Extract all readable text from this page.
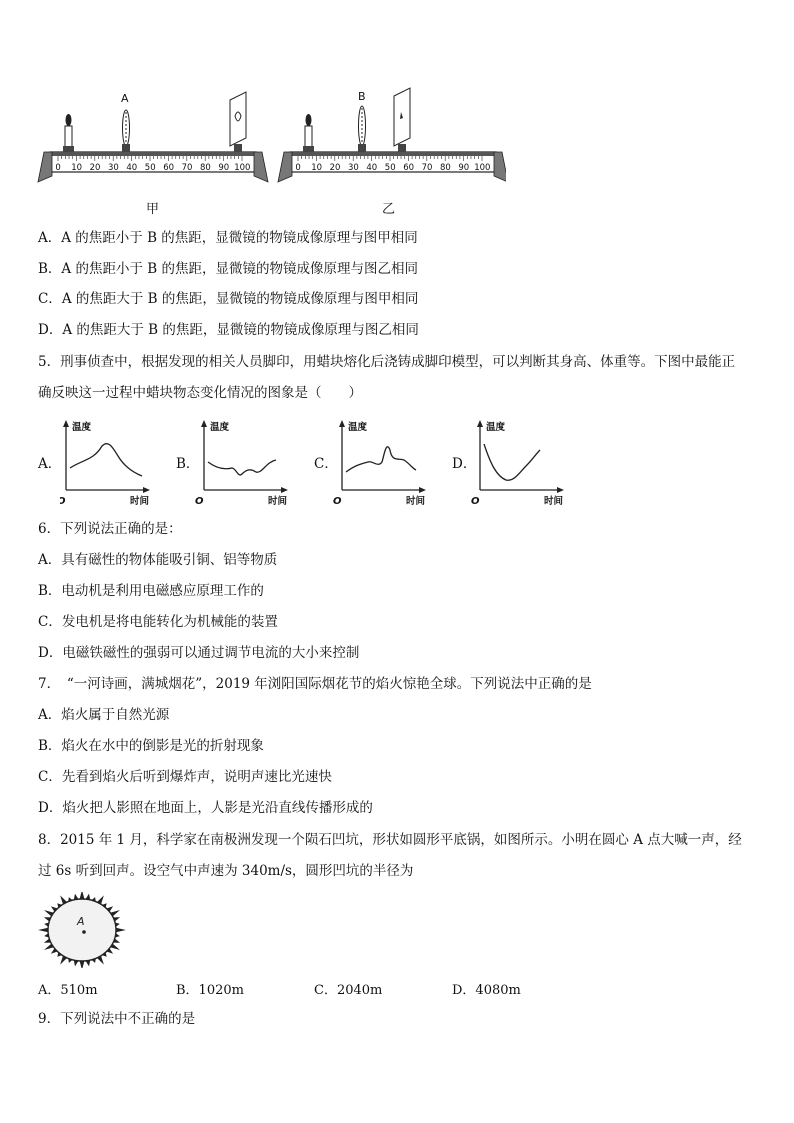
0 10 20 30 40 50 60 70 80 90 100
A
0 10 20 30 40 50 60 70 80 90 100
B
甲	乙
A．A 的焦距小于 B 的焦距，显微镜的物镜成像原理与图甲相同
B．A 的焦距小于 B 的焦距，显微镜的物镜成像原理与图乙相同
C．A 的焦距大于 B 的焦距，显微镜的物镜成像原理与图甲相同
D．A 的焦距大于 B 的焦距，显微镜的物镜成像原理与图乙相同
5．刑事侦查中，根据发现的相关人员脚印，用蜡块熔化后浇铸成脚印模型，可以判断其身高、体重等。下图中最能正
确反映这一过程中蜡块物态变化情况的图象是（　　）
A．	B．	C．	D．
温度
时间
温度
时间
O
温度
时间
O
温度
时间
O
6．下列说法正确的是：
A．具有磁性的物体能吸引铜、铝等物质
B．电动机是利用电磁感应原理工作的
C．发电机是将电能转化为机械能的装置
D．电磁铁磁性的强弱可以通过调节电流的大小来控制
7．　“一河诗画，满城烟花”，2019 年浏阳国际烟花节的焰火惊艳全球。下列说法中正确的是
A．焰火属于自然光源
B．焰火在水中的倒影是光的折射现象
C．先看到焰火后听到爆炸声，说明声速比光速快
D．焰火把人影照在地面上，人影是光沿直线传播形成的
8．2015 年 1 月，科学家在南极洲发现一个陨石凹坑，形状如圆形平底锅，如图所示。小明在圆心 A 点大喊一声，经
过 6s 听到回声。设空气中声速为 340m/s，圆形凹坑的半径为
A
A．510m	B．1020m	C．2040m	D．4080m
9．下列说法中不正确的是
